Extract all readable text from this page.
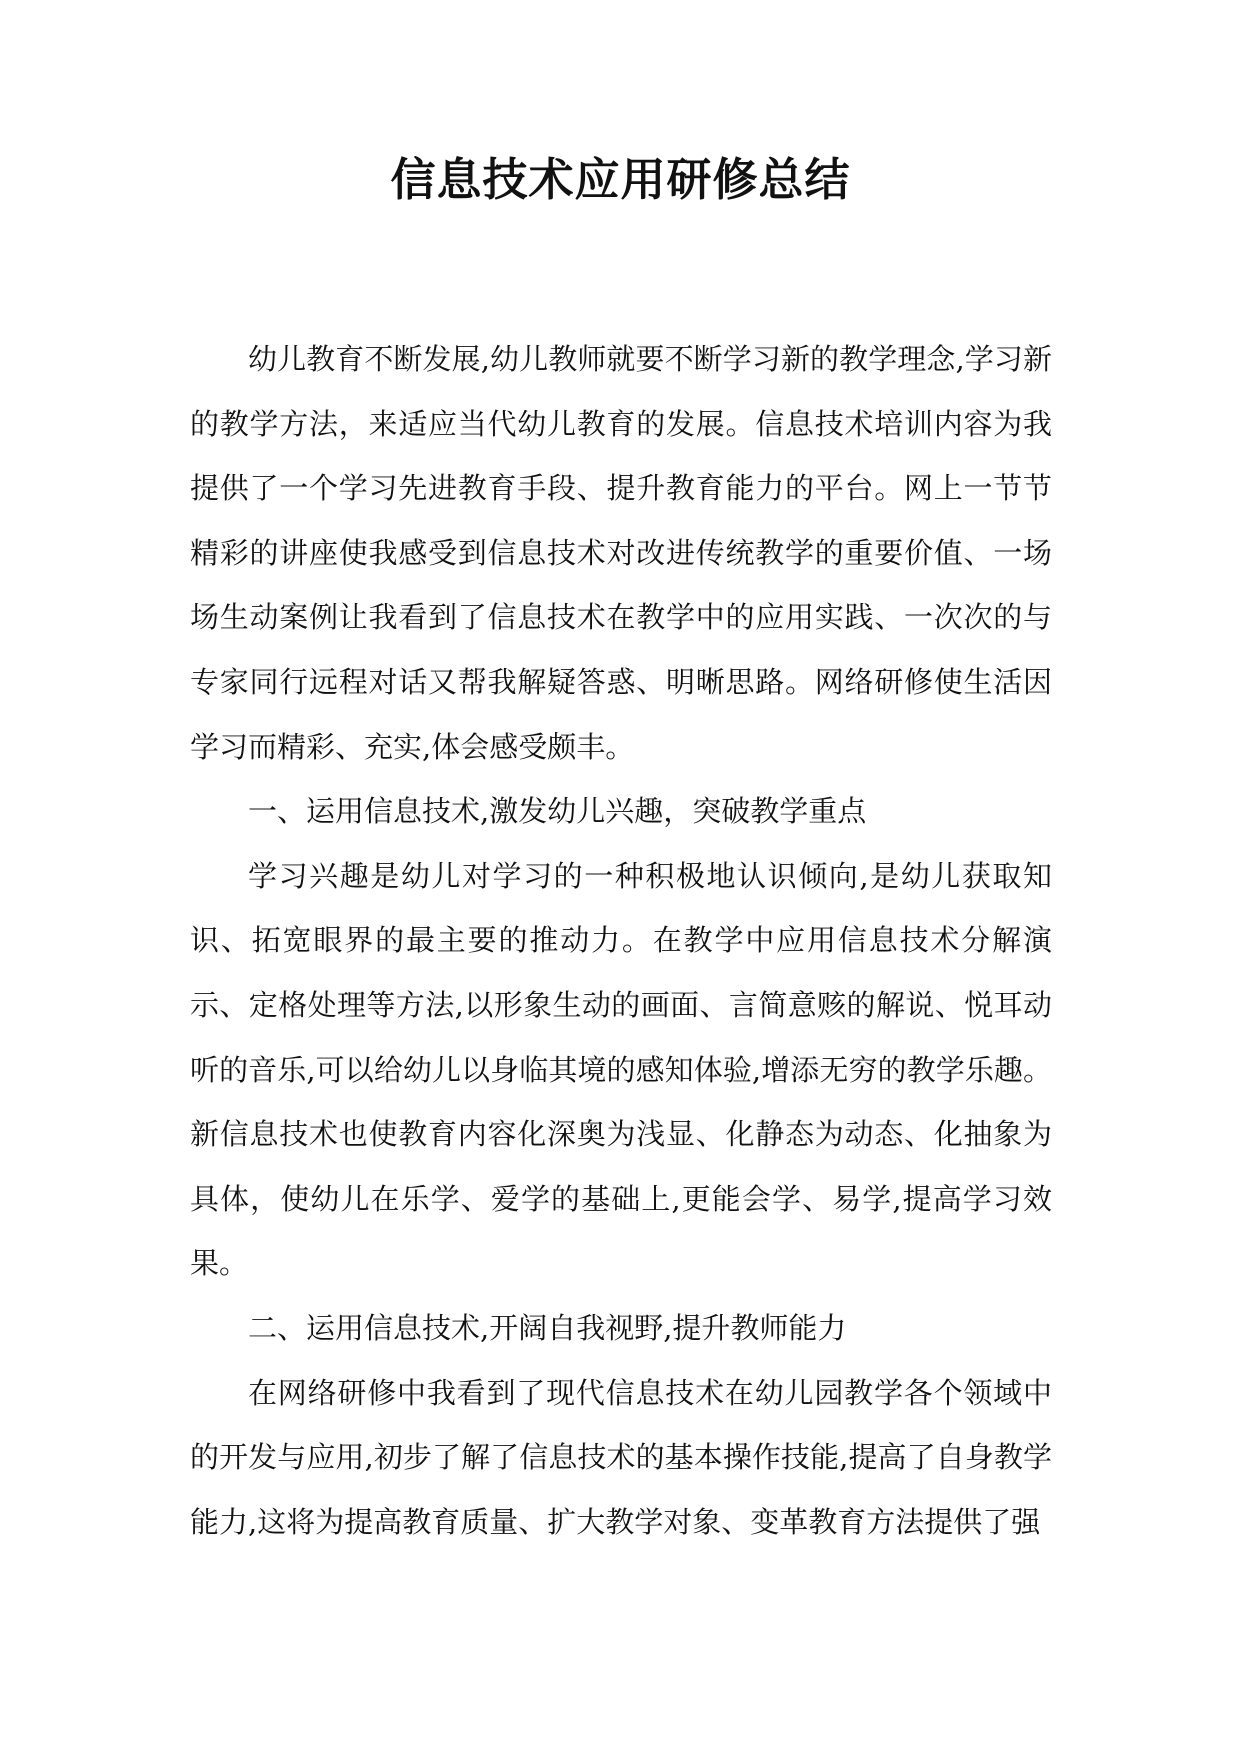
信息技术应用研修总结

幼儿教育不断发展,幼儿教师就要不断学习新的教学理念,学习新的教学方法，来适应当代幼儿教育的发展。信息技术培训内容为我提供了一个学习先进教育手段、提升教育能力的平台。网上一节节精彩的讲座使我感受到信息技术对改进传统教学的重要价值、一场场生动案例让我看到了信息技术在教学中的应用实践、一次次的与专家同行远程对话又帮我解疑答惑、明晰思路。网络研修使生活因学习而精彩、充实,体会感受颇丰。

一、运用信息技术,激发幼儿兴趣，突破教学重点

学习兴趣是幼儿对学习的一种积极地认识倾向,是幼儿获取知识、拓宽眼界的最主要的推动力。在教学中应用信息技术分解演示、定格处理等方法,以形象生动的画面、言简意赅的解说、悦耳动听的音乐,可以给幼儿以身临其境的感知体验,增添无穷的教学乐趣。新信息技术也使教育内容化深奥为浅显、化静态为动态、化抽象为具体，使幼儿在乐学、爱学的基础上,更能会学、易学,提高学习效果。

二、运用信息技术,开阔自我视野,提升教师能力

在网络研修中我看到了现代信息技术在幼儿园教学各个领域中的开发与应用,初步了解了信息技术的基本操作技能,提高了自身教学能力,这将为提高教育质量、扩大教学对象、变革教育方法提供了强
